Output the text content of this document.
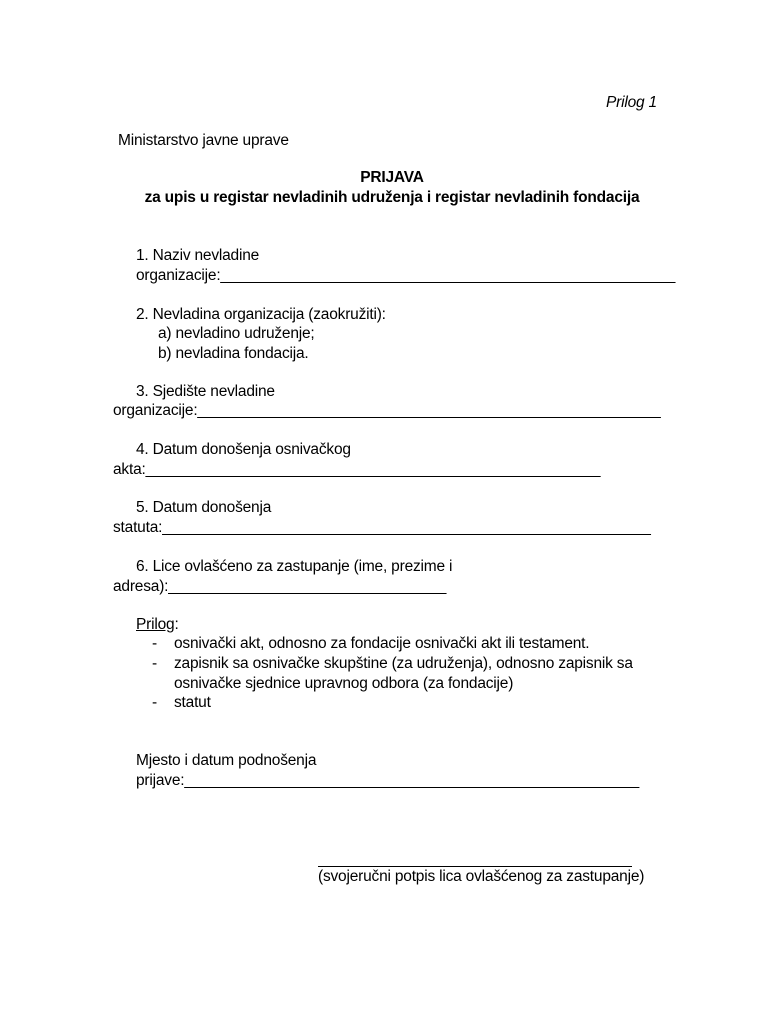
Prilog 1
Ministarstvo javne uprave
PRIJAVA
za upis u registar nevladinih udruženja i registar nevladinih fondacija
1. Naziv nevladine
organizacije:______________________________________________________
2. Nevladina organizacija (zaokružiti):
a) nevladino udruženje;
b) nevladina fondacija.
3. Sjedište nevladine
organizacije:_______________________________________________________
4. Datum donošenja osnivačkog
akta:______________________________________________________
5. Datum donošenja
statuta:__________________________________________________________
6. Lice ovlašćeno za zastupanje (ime, prezime i
adresa):_________________________________
Prilog:
- osnivački akt, odnosno za fondacije osnivački akt ili testament.
- zapisnik sa osnivačke skupštine (za udruženja), odnosno zapisnik sa
osnivačke sjednice upravnog odbora (za fondacije)
- statut
Mjesto i datum podnošenja
prijave:______________________________________________________
(svojeručni potpis lica ovlašćenog za zastupanje)
